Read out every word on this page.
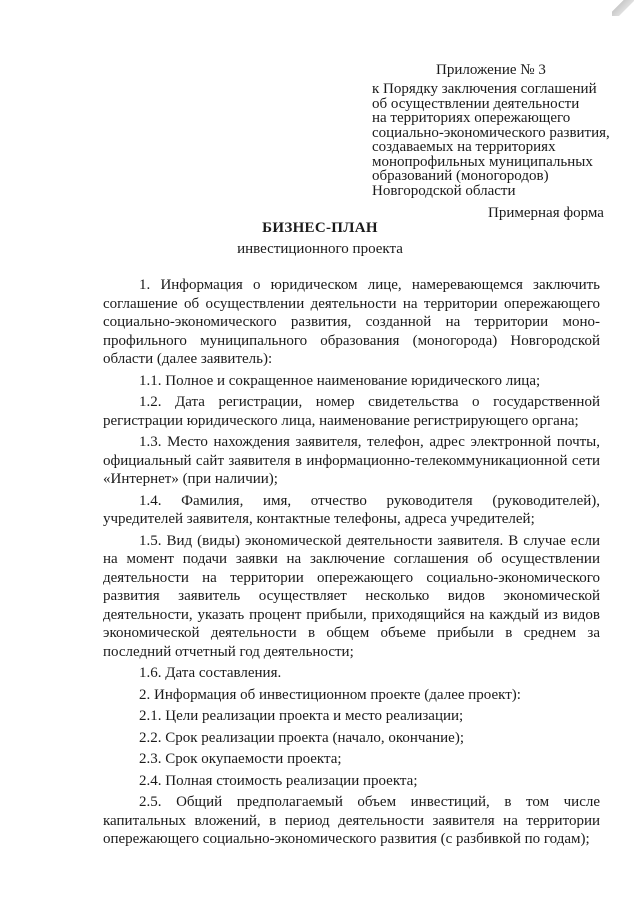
Приложение № 3
к Порядку заключения соглашений
об осуществлении деятельности
на территориях опережающего
социально-экономического развития,
создаваемых на территориях
монопрофильных муниципальных
образований (моногородов)
Новгородской области
Примерная форма
БИЗНЕС-ПЛАН
инвестиционного проекта

1. Информация о юридическом лице, намеревающемся заключить соглашение об осуществлении деятельности на территории опережающего социально-экономического развития, созданной на территории моно-профильного муниципального образования (моногорода) Новгородской области (далее заявитель):

1.1. Полное и сокращенное наименование юридического лица;

1.2. Дата регистрации, номер свидетельства о государственной регистрации юридического лица, наименование регистрирующего органа;

1.3. Место нахождения заявителя, телефон, адрес электронной почты, официальный сайт заявителя в информационно-телекоммуникационной сети «Интернет» (при наличии);

1.4. Фамилия, имя, отчество руководителя (руководителей), учредителей заявителя, контактные телефоны, адреса учредителей;

1.5. Вид (виды) экономической деятельности заявителя. В случае если на момент подачи заявки на заключение соглашения об осуществлении деятельности на территории опережающего социально-экономического развития заявитель осуществляет несколько видов экономической деятельности, указать процент прибыли, приходящийся на каждый из видов экономической деятельности в общем объеме прибыли в среднем за последний отчетный год деятельности;

1.6. Дата составления.

2. Информация об инвестиционном проекте (далее проект):

2.1. Цели реализации проекта и место реализации;

2.2. Срок реализации проекта (начало, окончание);

2.3. Срок окупаемости проекта;

2.4. Полная стоимость реализации проекта;

2.5. Общий предполагаемый объем инвестиций, в том числе капитальных вложений, в период деятельности заявителя на территории опережающего социально-экономического развития (с разбивкой по годам);
